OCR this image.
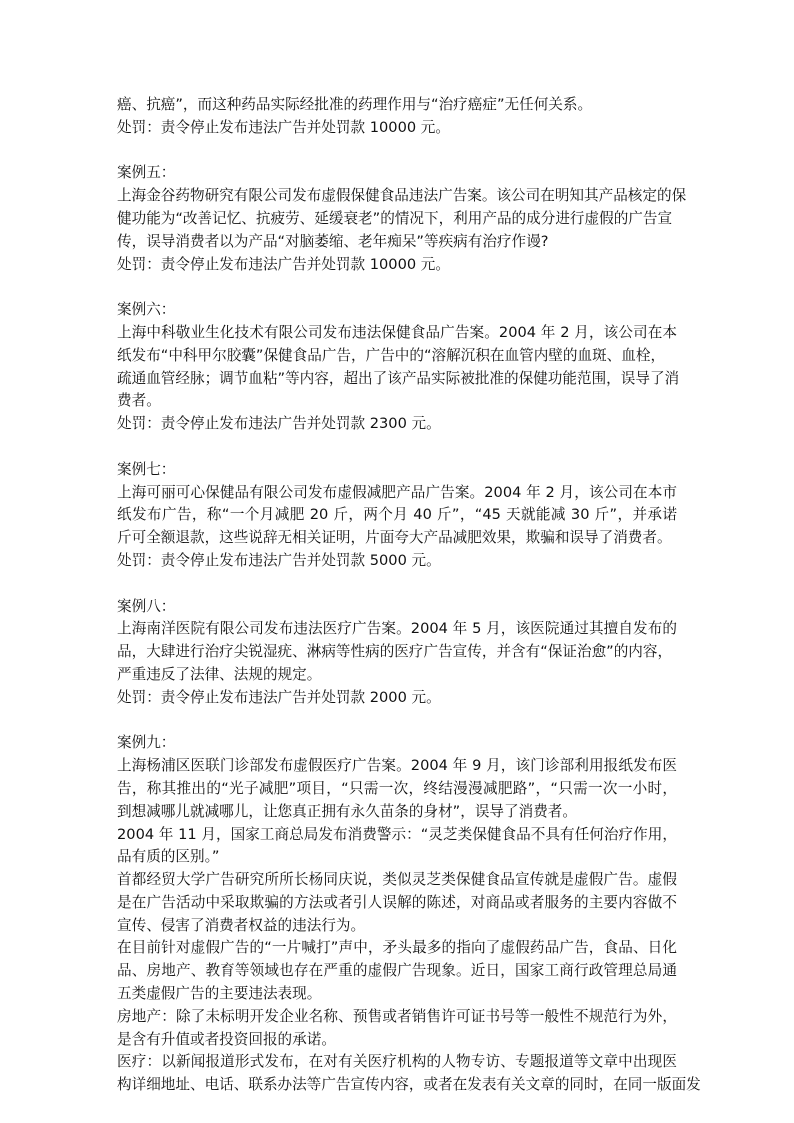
癌、抗癌”，而这种药品实际经批准的药理作用与“治疗癌症”无任何关系。
处罚：责令停止发布违法广告并处罚款 10000 元。
案例五：
上海金谷药物研究有限公司发布虚假保健食品违法广告案。该公司在明知其产品核定的保
健功能为“改善记忆、抗疲劳、延缓衰老”的情况下，利用产品的成分进行虚假的广告宣
传，误导消费者以为产品“对脑萎缩、老年痴呆”等疾病有治疗作谩?
处罚：责令停止发布违法广告并处罚款 10000 元。
案例六：
上海中科敬业生化技术有限公司发布违法保健食品广告案。2004 年 2 月，该公司在本
纸发布“中科甲尔胶囊”保健食品广告，广告中的“溶解沉积在血管内壁的血斑、血栓，
疏通血管经脉；调节血粘”等内容，超出了该产品实际被批准的保健功能范围，误导了消
费者。
处罚：责令停止发布违法广告并处罚款 2300 元。
案例七：
上海可丽可心保健品有限公司发布虚假减肥产品广告案。2004 年 2 月，该公司在本市
纸发布广告，称“一个月减肥 20 斤，两个月 40 斤”，“45 天就能减 30 斤”，并承诺
斤可全额退款，这些说辞无相关证明，片面夸大产品减肥效果，欺骗和误导了消费者。
处罚：责令停止发布违法广告并处罚款 5000 元。
案例八：
上海南洋医院有限公司发布违法医疗广告案。2004 年 5 月，该医院通过其擅自发布的
品，大肆进行治疗尖锐湿疣、淋病等性病的医疗广告宣传，并含有“保证治愈”的内容，
严重违反了法律、法规的规定。
处罚：责令停止发布违法广告并处罚款 2000 元。
案例九：
上海杨浦区医联门诊部发布虚假医疗广告案。2004 年 9 月，该门诊部利用报纸发布医
告，称其推出的“光子减肥”项目，“只需一次，终结漫漫减肥路”，“只需一次一小时，
到想减哪儿就减哪儿，让您真正拥有永久苗条的身材”，误导了消费者。
2004 年 11 月，国家工商总局发布消费警示：“灵芝类保健食品不具有任何治疗作用，
品有质的区别。”
首都经贸大学广告研究所所长杨同庆说，类似灵芝类保健食品宣传就是虚假广告。虚假
是在广告活动中采取欺骗的方法或者引人误解的陈述，对商品或者服务的主要内容做不
宣传、侵害了消费者权益的违法行为。
在目前针对虚假广告的“一片喊打”声中，矛头最多的指向了虚假药品广告，食品、日化
品、房地产、教育等领域也存在严重的虚假广告现象。近日，国家工商行政管理总局通
五类虚假广告的主要违法表现。
房地产：除了未标明开发企业名称、预售或者销售许可证书号等一般性不规范行为外，
是含有升值或者投资回报的承诺。
医疗：以新闻报道形式发布，在对有关医疗机构的人物专访、专题报道等文章中出现医
构详细地址、电话、联系办法等广告宣传内容，或者在发表有关文章的同时，在同一版面发
